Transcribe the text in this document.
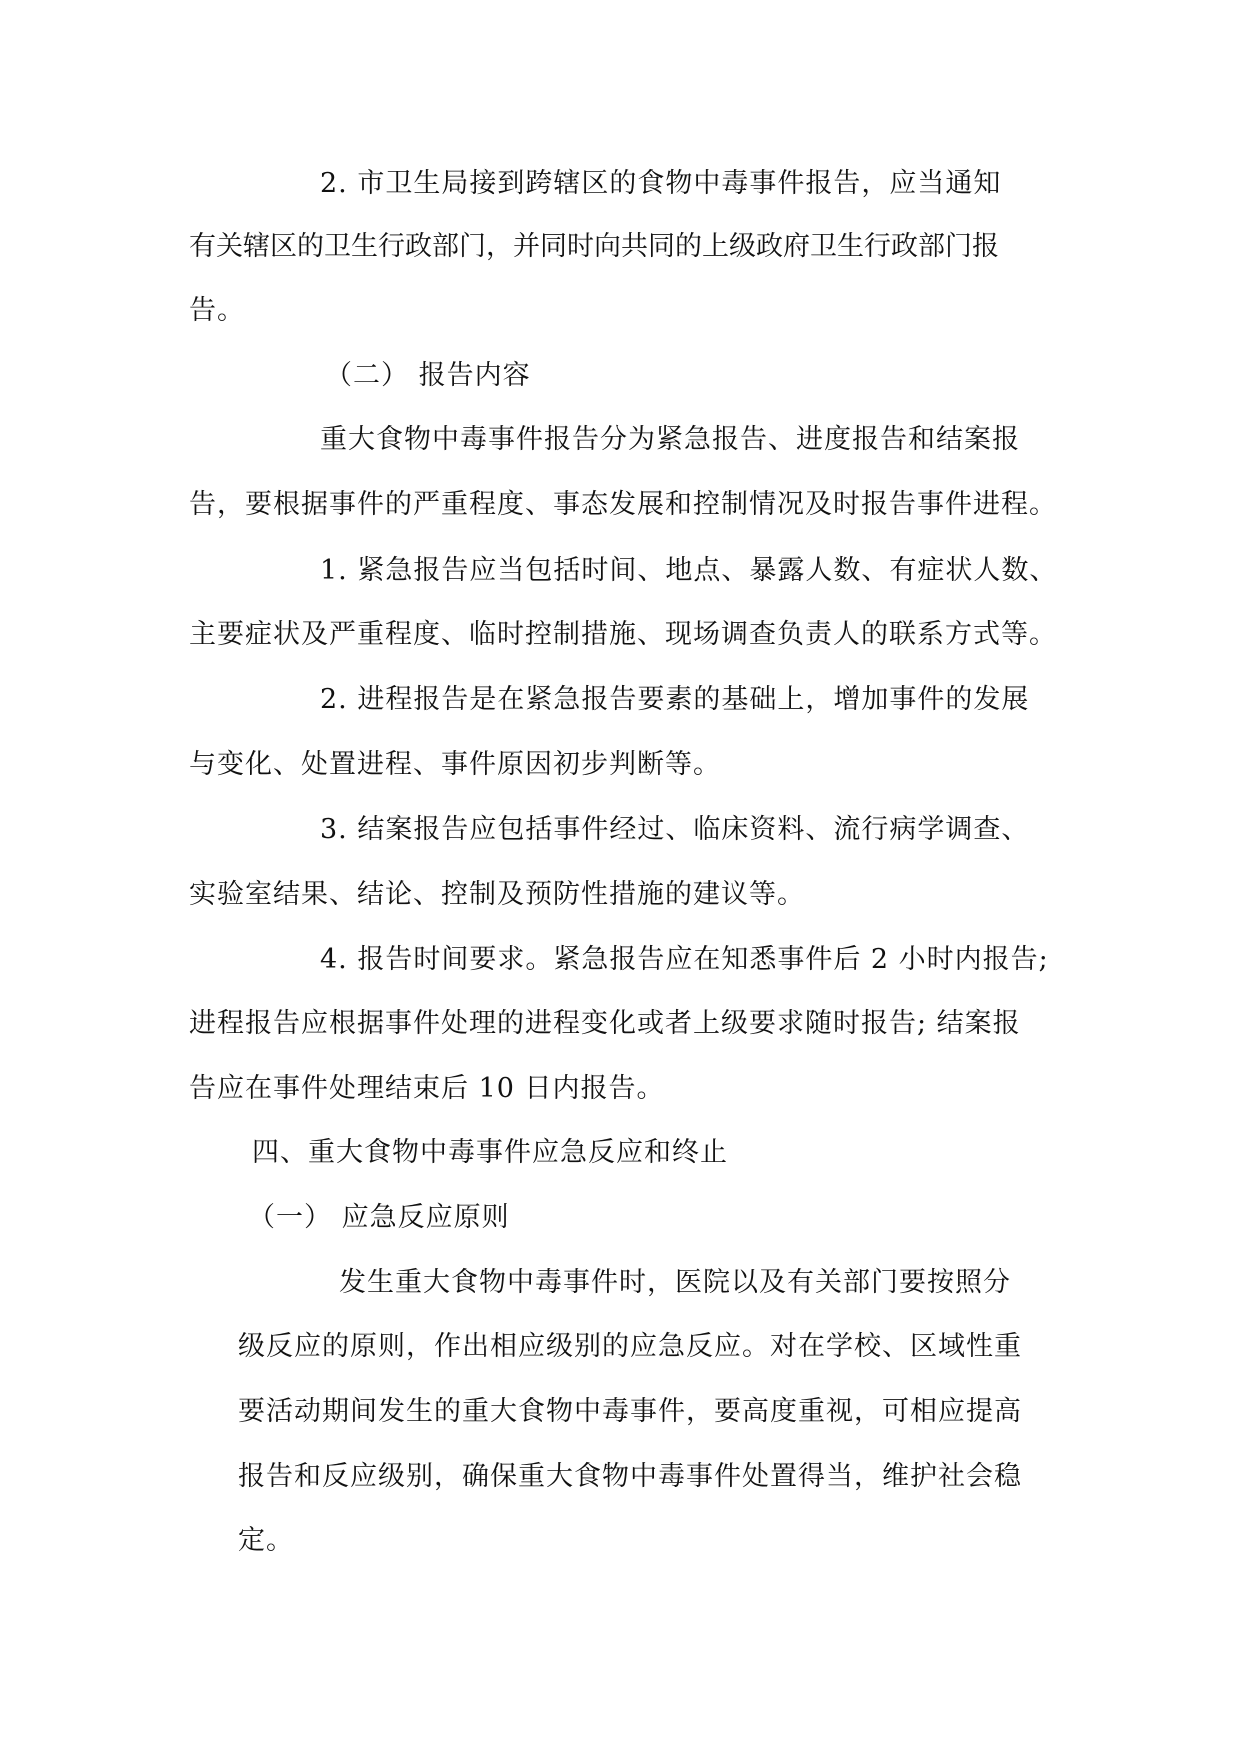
2. 市卫生局接到跨辖区的食物中毒事件报告，应当通知
有关辖区的卫生行政部门，并同时向共同的上级政府卫生行政部门报
告。
（二） 报告内容
重大食物中毒事件报告分为紧急报告、进度报告和结案报
告，要根据事件的严重程度、事态发展和控制情况及时报告事件进程。
1. 紧急报告应当包括时间、地点、暴露人数、有症状人数、
主要症状及严重程度、临时控制措施、现场调查负责人的联系方式等。
2. 进程报告是在紧急报告要素的基础上，增加事件的发展
与变化、处置进程、事件原因初步判断等。
3. 结案报告应包括事件经过、临床资料、流行病学调查、
实验室结果、结论、控制及预防性措施的建议等。
4. 报告时间要求。紧急报告应在知悉事件后 2 小时内报告;
进程报告应根据事件处理的进程变化或者上级要求随时报告; 结案报
告应在事件处理结束后 10 日内报告。
四、重大食物中毒事件应急反应和终止
（一） 应急反应原则
发生重大食物中毒事件时，医院以及有关部门要按照分
级反应的原则，作出相应级别的应急反应。对在学校、区域性重
要活动期间发生的重大食物中毒事件，要高度重视，可相应提高
报告和反应级别，确保重大食物中毒事件处置得当，维护社会稳
定。
